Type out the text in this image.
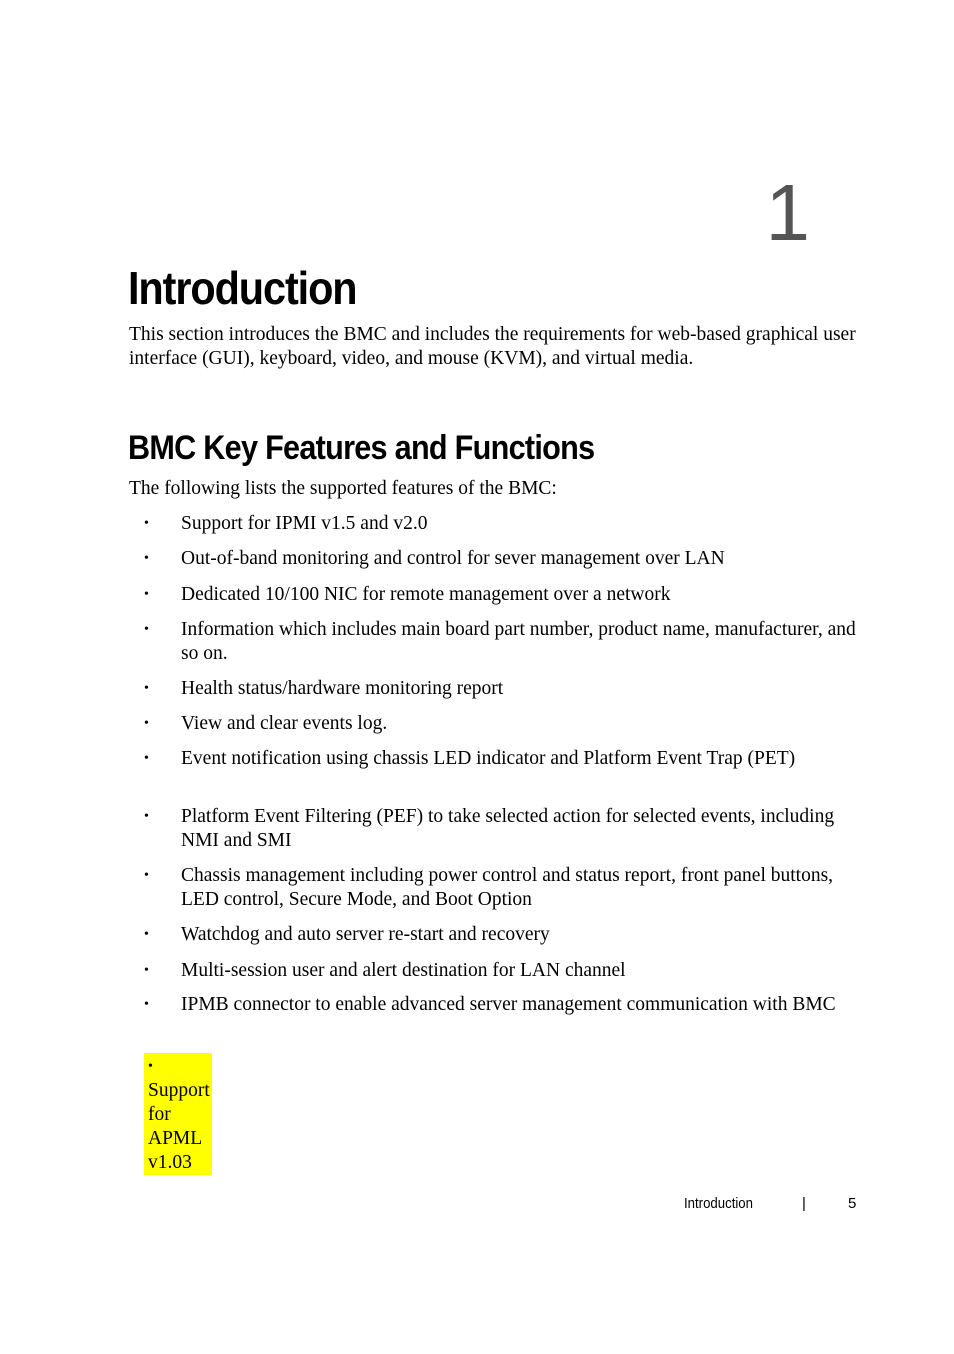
1
Introduction

This section introduces the BMC and includes the requirements for web-based graphical user interface (GUI), keyboard, video, and mouse (KVM), and virtual media.

BMC Key Features and Functions

The following lists the supported features of the BMC:

• Support for IPMI v1.5 and v2.0
• Out-of-band monitoring and control for sever management over LAN
• Dedicated 10/100 NIC for remote management over a network
• Information which includes main board part number, product name, manufacturer, and so on.
• Health status/hardware monitoring report
• View and clear events log.
• Event notification using chassis LED indicator and Platform Event Trap (PET)
• Platform Event Filtering (PEF) to take selected action for selected events, including NMI and SMI
• Chassis management including power control and status report, front panel buttons, LED control, Secure Mode, and Boot Option
• Watchdog and auto server re-start and recovery
• Multi-session user and alert destination for LAN channel
• IPMB connector to enable advanced server management communication with BMC
•Support for APML v1.03
Introduction	|	5
